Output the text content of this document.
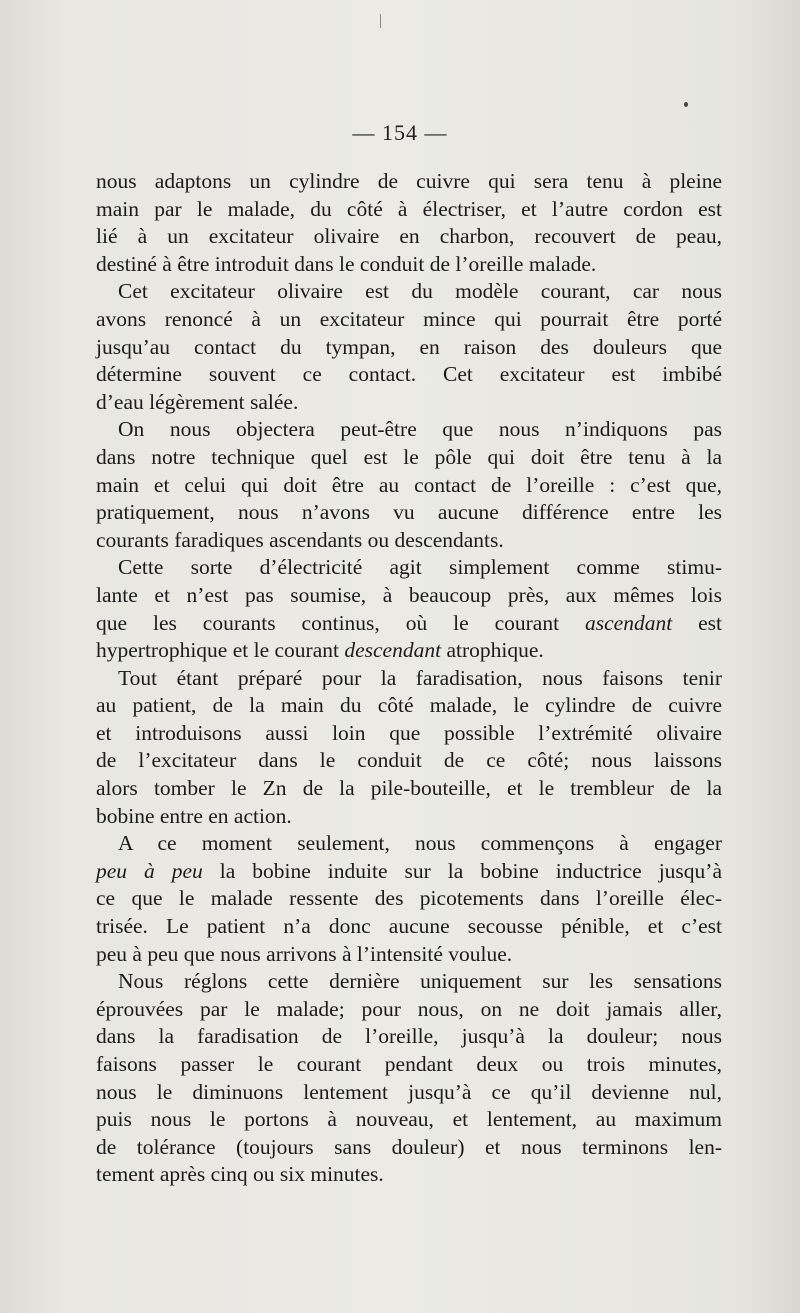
— 154 —
nous adaptons un cylindre de cuivre qui sera tenu à pleine
main par le malade, du côté à électriser, et l’autre cordon est
lié à un excitateur olivaire en charbon, recouvert de peau,
destiné à être introduit dans le conduit de l’oreille malade.
Cet excitateur olivaire est du modèle courant, car nous
avons renoncé à un excitateur mince qui pourrait être porté
jusqu’au contact du tympan, en raison des douleurs que
détermine souvent ce contact. Cet excitateur est imbibé
d’eau légèrement salée.
On nous objectera peut-être que nous n’indiquons pas
dans notre technique quel est le pôle qui doit être tenu à la
main et celui qui doit être au contact de l’oreille : c’est que,
pratiquement, nous n’avons vu aucune différence entre les
courants faradiques ascendants ou descendants.
Cette sorte d’électricité agit simplement comme stimu-
lante et n’est pas soumise, à beaucoup près, aux mêmes lois
que les courants continus, où le courant ascendant est
hypertrophique et le courant descendant atrophique.
Tout étant préparé pour la faradisation, nous faisons tenir
au patient, de la main du côté malade, le cylindre de cuivre
et introduisons aussi loin que possible l’extrémité olivaire
de l’excitateur dans le conduit de ce côté; nous laissons
alors tomber le Zn de la pile-bouteille, et le trembleur de la
bobine entre en action.
A ce moment seulement, nous commençons à engager
peu à peu la bobine induite sur la bobine inductrice jusqu’à
ce que le malade ressente des picotements dans l’oreille élec-
trisée. Le patient n’a donc aucune secousse pénible, et c’est
peu à peu que nous arrivons à l’intensité voulue.
Nous réglons cette dernière uniquement sur les sensations
éprouvées par le malade; pour nous, on ne doit jamais aller,
dans la faradisation de l’oreille, jusqu’à la douleur; nous
faisons passer le courant pendant deux ou trois minutes,
nous le diminuons lentement jusqu’à ce qu’il devienne nul,
puis nous le portons à nouveau, et lentement, au maximum
de tolérance (toujours sans douleur) et nous terminons len-
tement après cinq ou six minutes.
